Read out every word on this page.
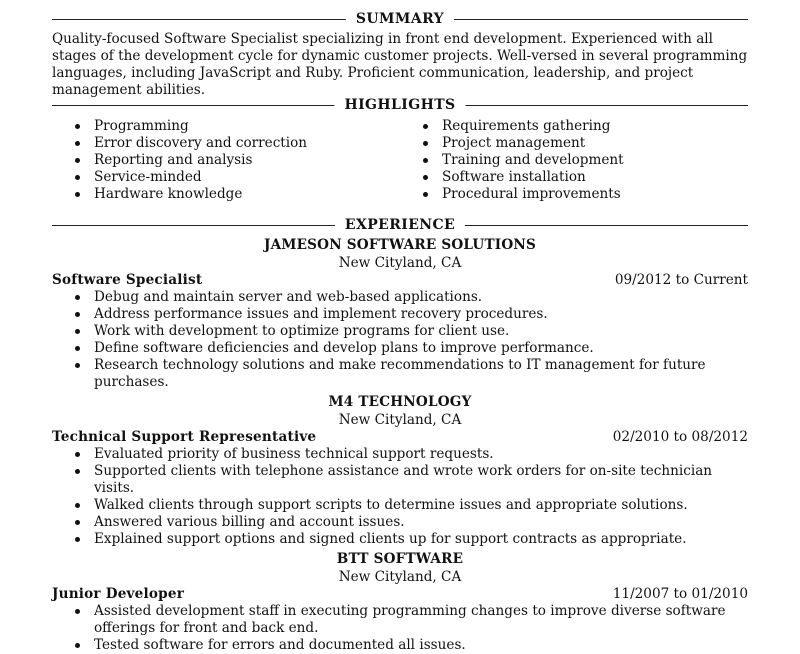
SUMMARY

Quality-focused Software Specialist specializing in front end development. Experienced with all stages of the development cycle for dynamic customer projects. Well-versed in several programming languages, including JavaScript and Ruby. Proficient communication, leadership, and project management abilities.

HIGHLIGHTS
Programming
Error discovery and correction
Reporting and analysis
Service-minded
Hardware knowledge
Requirements gathering
Project management
Training and development
Software installation
Procedural improvements
EXPERIENCE
JAMESON SOFTWARE SOLUTIONS
New Cityland, CA
Software Specialist	09/2012 to Current
Debug and maintain server and web-based applications.
Address performance issues and implement recovery procedures.
Work with development to optimize programs for client use.
Define software deficiencies and develop plans to improve performance.
Research technology solutions and make recommendations to IT management for future purchases.
M4 TECHNOLOGY
New Cityland, CA
Technical Support Representative	02/2010 to 08/2012
Evaluated priority of business technical support requests.
Supported clients with telephone assistance and wrote work orders for on-site technician visits.
Walked clients through support scripts to determine issues and appropriate solutions.
Answered various billing and account issues.
Explained support options and signed clients up for support contracts as appropriate.
BTT SOFTWARE
New Cityland, CA
Junior Developer	11/2007 to 01/2010
Assisted development staff in executing programming changes to improve diverse software offerings for front and back end.
Tested software for errors and documented all issues.
